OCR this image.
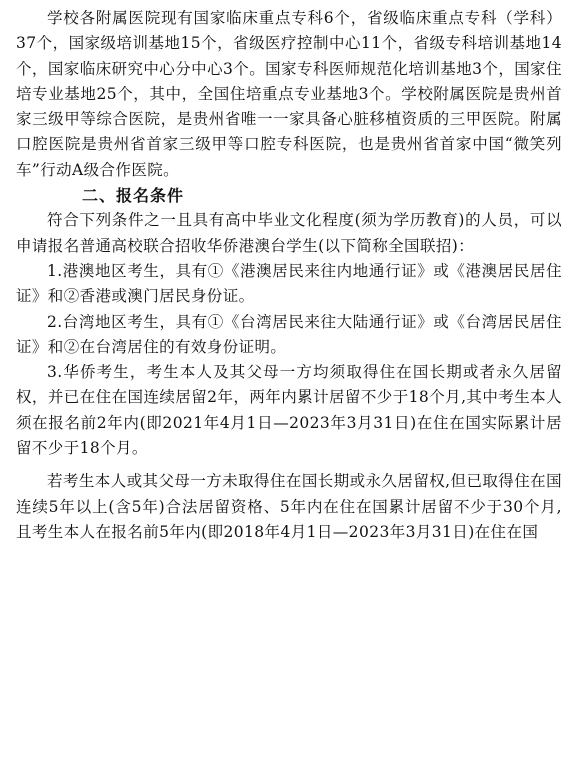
学校各附属医院现有国家临床重点专科6个，省级临床重点专科（学科）37个，国家级培训基地15个，省级医疗控制中心11个，省级专科培训基地14个，国家临床研究中心分中心3个。国家专科医师规范化培训基地3个，国家住培专业基地25个，其中，全国住培重点专业基地3个。学校附属医院是贵州首家三级甲等综合医院，是贵州省唯一一家具备心脏移植资质的三甲医院。附属口腔医院是贵州省首家三级甲等口腔专科医院，也是贵州省首家中国“微笑列车”行动A级合作医院。

二、报名条件

符合下列条件之一且具有高中毕业文化程度(须为学历教育)的人员，可以申请报名普通高校联合招收华侨港澳台学生(以下简称全国联招)：

1.港澳地区考生，具有①《港澳居民来往内地通行证》或《港澳居民居住证》和②香港或澳门居民身份证。

2.台湾地区考生，具有①《台湾居民来往大陆通行证》或《台湾居民居住证》和②在台湾居住的有效身份证明。

3.华侨考生，考生本人及其父母一方均须取得住在国长期或者永久居留权，并已在住在国连续居留2年，两年内累计居留不少于18个月,其中考生本人须在报名前2年内(即2021年4月1日—2023年3月31日)在住在国实际累计居留不少于18个月。

若考生本人或其父母一方未取得住在国长期或永久居留权,但已取得住在国连续5年以上(含5年)合法居留资格、5年内在住在国累计居留不少于30个月,且考生本人在报名前5年内(即2018年4月1日—2023年3月31日)在住在国
